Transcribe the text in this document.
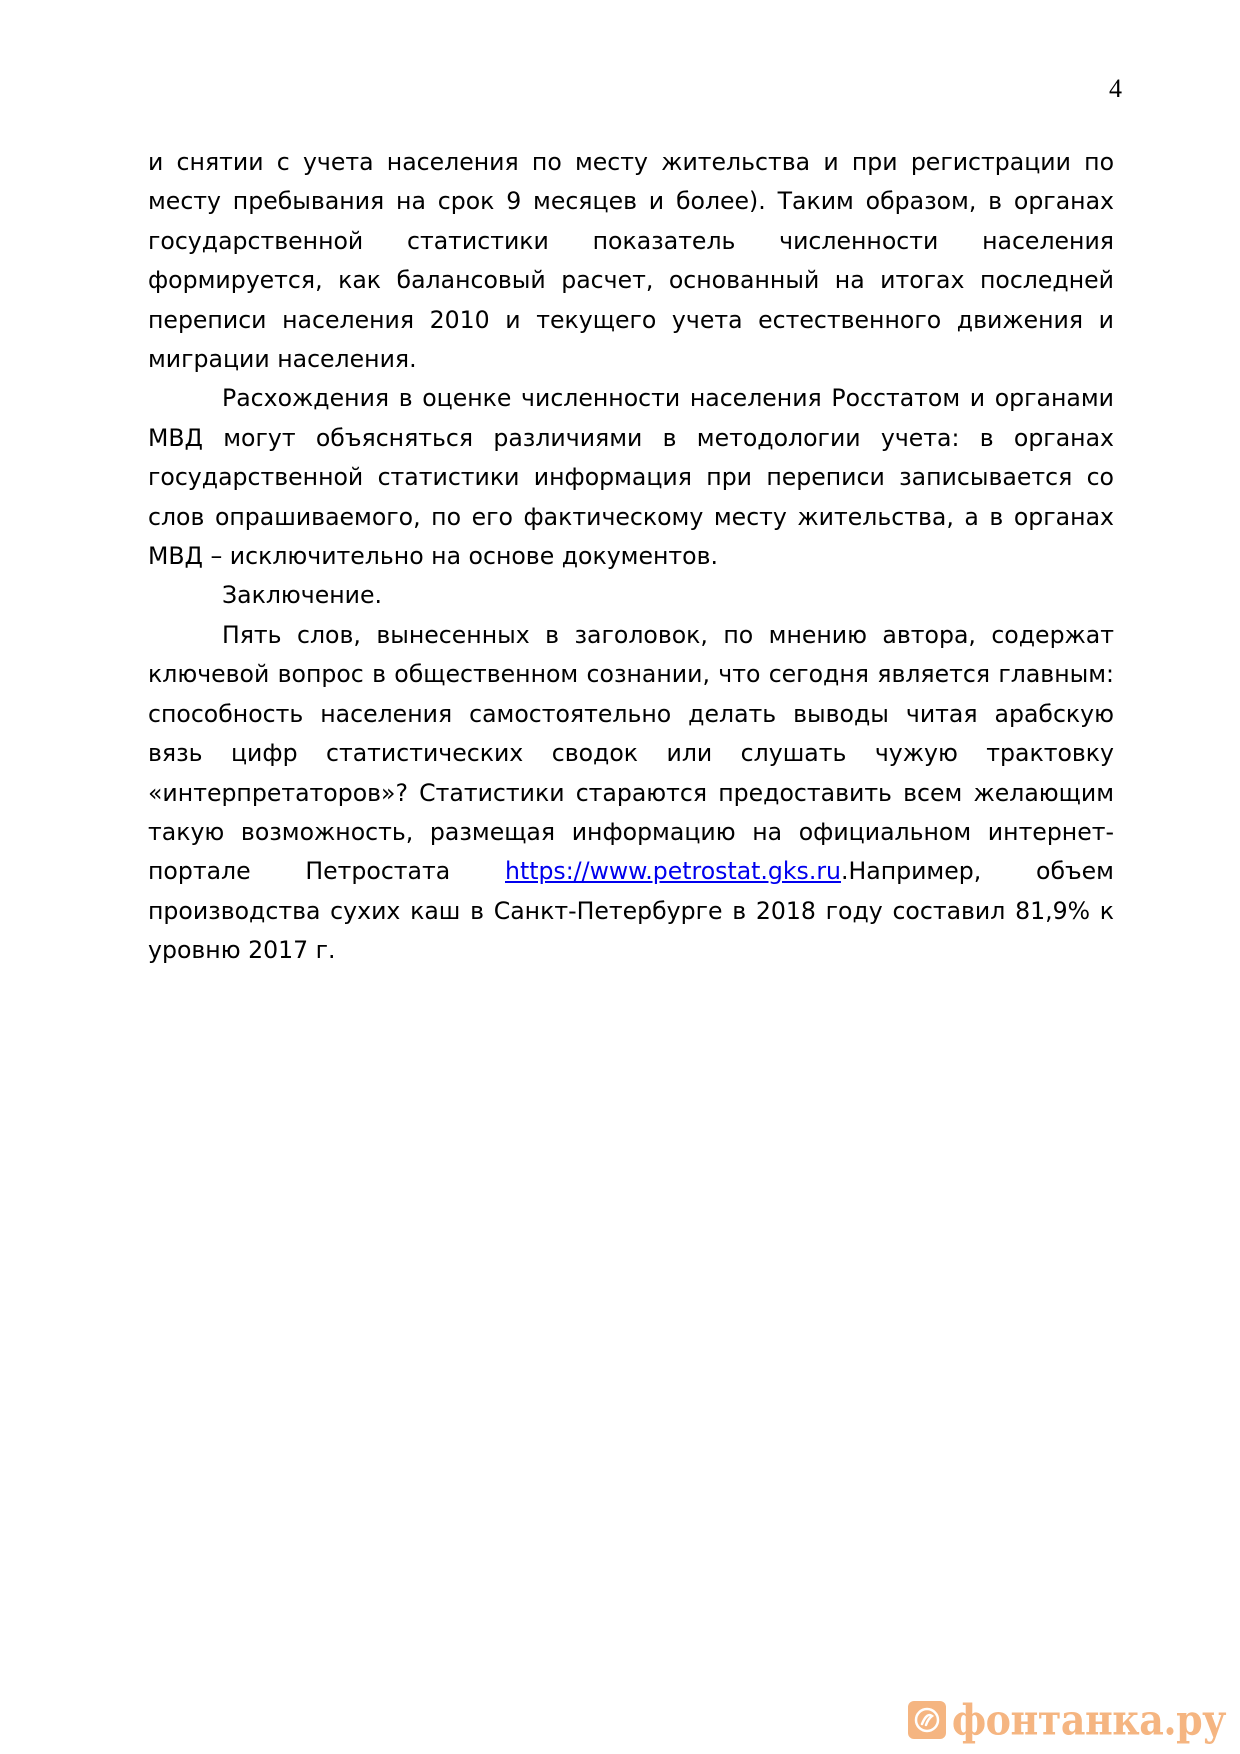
4

и снятии с учета населения по месту жительства и при регистрации по месту пребывания на срок 9 месяцев и более). Таким образом, в органах государственной статистики показатель численности населения формируется, как балансовый расчет, основанный на итогах последней переписи населения 2010 и текущего учета естественного движения и миграции населения.

Расхождения в оценке численности населения Росстатом и органами МВД могут объясняться различиями в методологии учета: в органах государственной статистики информация при переписи записывается со слов опрашиваемого, по его фактическому месту жительства, а в органах МВД – исключительно на основе документов.

Заключение.

Пять слов, вынесенных в заголовок, по мнению автора, содержат ключевой вопрос в общественном сознании, что сегодня является главным: способность населения самостоятельно делать выводы читая арабскую вязь цифр статистических сводок или слушать чужую трактовку «интерпретаторов»? Статистики стараются предоставить всем желающим такую возможность, размещая информацию на официальном интернет-портале Петростата https://www.petrostat.gks.ru.Например, объем производства сухих каш в Санкт-Петербурге в 2018 году составил 81,9% к уровню 2017 г.

фонтанка.ру
